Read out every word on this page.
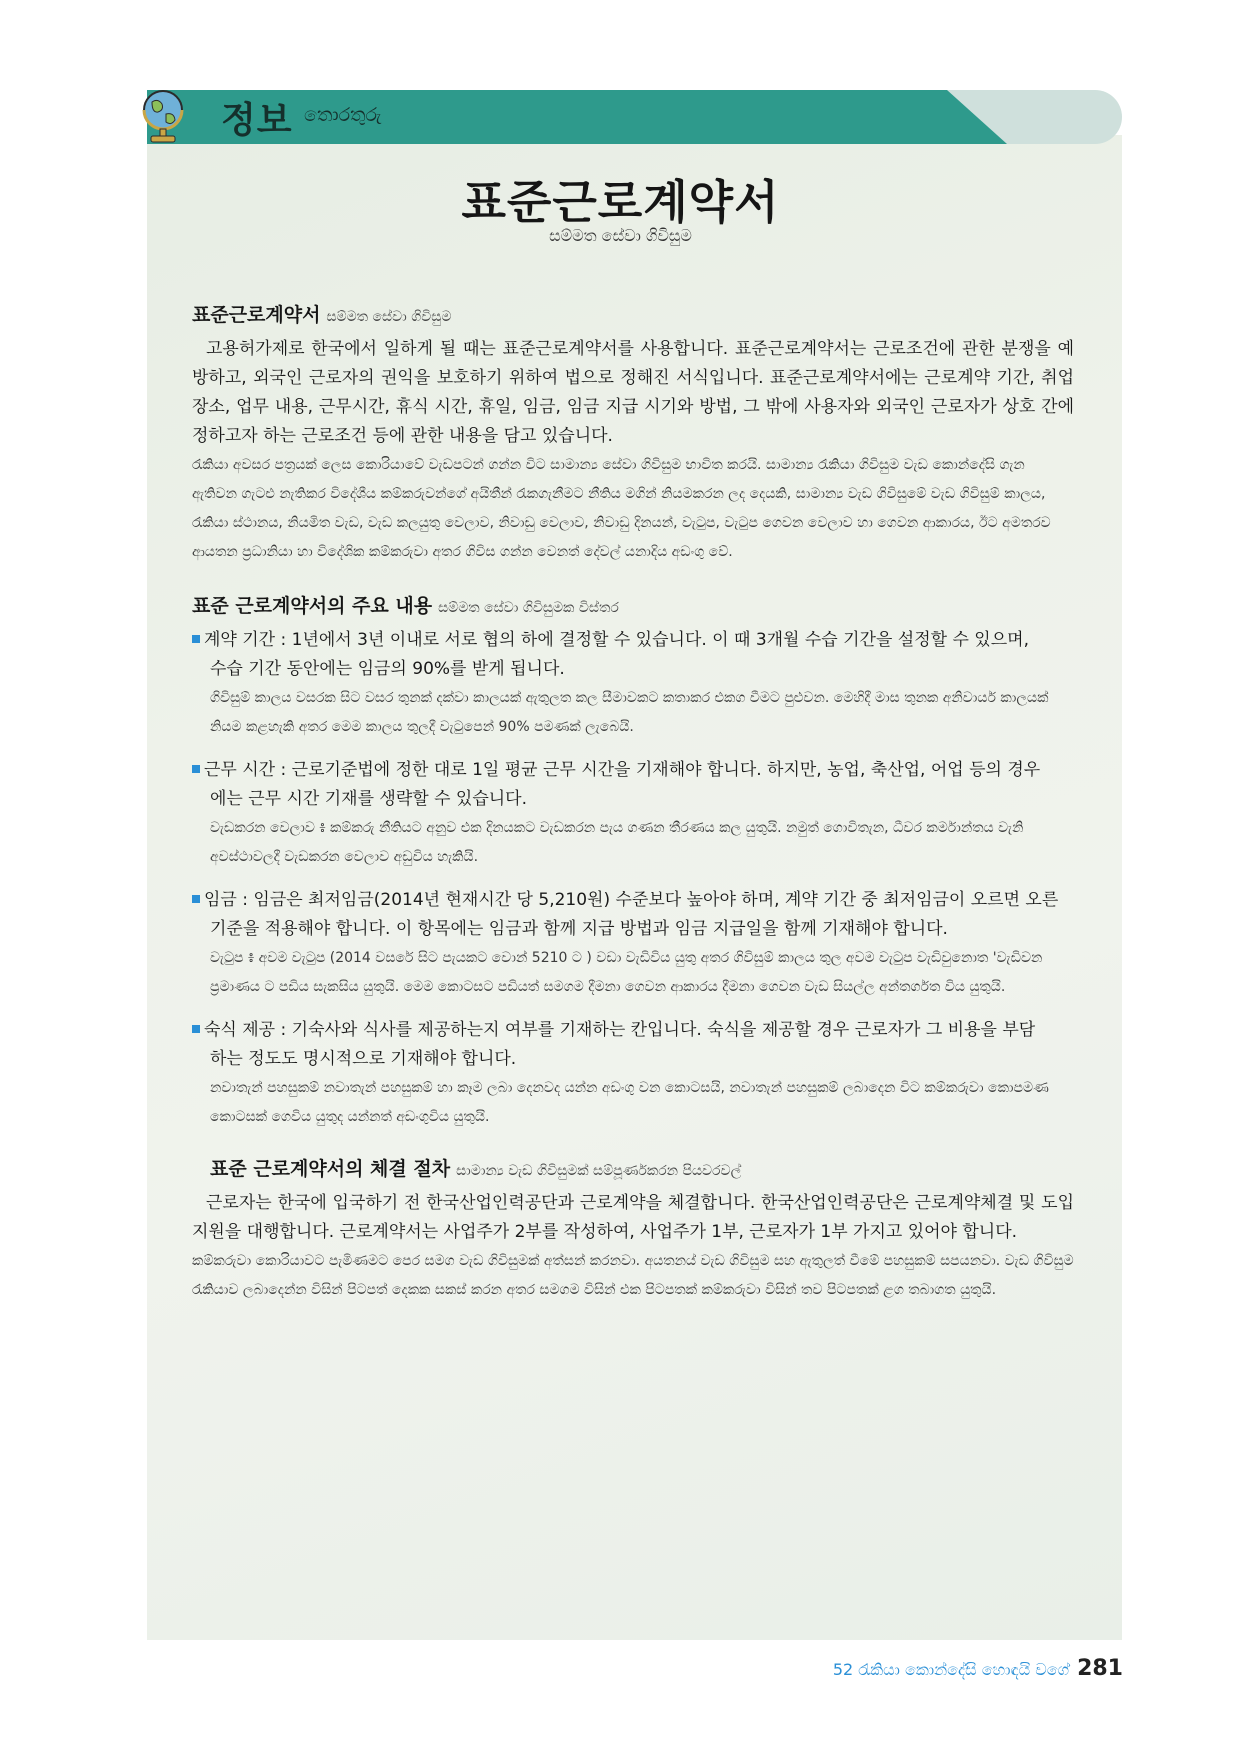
정보 තොරතුරු
표준근로계약서
සම්මත සේවා ගිවිසුම
표준근로계약서 සම්මත සේවා ගිවිසුම

고용허가제로 한국에서 일하게 될 때는 표준근로계약서를 사용합니다. 표준근로계약서는 근로조건에 관한 분쟁을 예방하고, 외국인 근로자의 권익을 보호하기 위하여 법으로 정해진 서식입니다. 표준근로계약서에는 근로계약 기간, 취업 장소, 업무 내용, 근무시간, 휴식 시간, 휴일, 임금, 임금 지급 시기와 방법, 그 밖에 사용자와 외국인 근로자가 상호 간에 정하고자 하는 근로조건 등에 관한 내용을 담고 있습니다.

රැකියා අවසර පත්‍රයක් ලෙස කොරියාවේ වැඩපටන් ගන්න විට සාමාන්‍ය සේවා ගිවිසුම භාවිත කරයි. සාමාන්‍ය රැකියා ගිවිසුම වැඩ කොන්දේසි ගැන ඇතිවන ගැටළු නැතිකර විදේශීය කම්කරුවන්ගේ අයිතීන් රැකගැනීමට නීතිය මගින් නියමකරන ලද දෙයකි, සාමාන්‍ය වැඩ ගිවිසුමේ වැඩ ගිවිසුම් කාලය, රැකියා ස්ථානය, නියමිත වැඩ, වැඩ කලයුතු වෙලාව, නිවාඩු වෙලාව, නිවාඩු දිනයන්, වැටුප, වැටුප ගෙවන වෙලාව හා ගෙවන ආකාරය, ඊට අමතරව ආයතන ප්‍රධානියා හා විදේශික කම්කරුවා අතර ගිවිස ගන්න වෙනත් දේවල් යනාදිය අඩංගු වේ.

표준 근로계약서의 주요 내용 සම්මත සේවා ගිවිසුමක විස්තර

계약 기간 : 1년에서 3년 이내로 서로 협의 하에 결정할 수 있습니다. 이 때 3개월 수습 기간을 설정할 수 있으며,

수습 기간 동안에는 임금의 90%를 받게 됩니다.

ගිවිසුම් කාලය වසරක සිට වසර තුනක් දක්වා කාලයක් ඇතුලත කල සීමාවකට කතාකර එකග වීමට පුළුවන. මෙහිදී මාස තුනක අනිවාර්ය කාලයක් නියම කළහැකි අතර මෙම කාලය තුලදී වැටුපෙන් 90% පමණක් ලැබෙයි.

근무 시간 : 근로기준법에 정한 대로 1일 평균 근무 시간을 기재해야 합니다. 하지만, 농업, 축산업, 어업 등의 경우

에는 근무 시간 기재를 생략할 수 있습니다.

වැඩකරන වෙලාව ៖ කම්කරු නීතියට අනුව එක දිනයකට වැඩකරන පැය ගණන තීරණය කල යුතුයි. නමුත් ගොවිතැන, ධීවර කර්මාන්තය වැනි අවස්ථාවලදී වැඩකරන වෙලාව අඩුවිය හැකියි.

임금 : 임금은 최저임금(2014년 현재시간 당 5,210원) 수준보다 높아야 하며, 계약 기간 중 최저임금이 오르면 오른

기준을 적용해야 합니다. 이 항목에는 임금과 함께 지급 방법과 임금 지급일을 함께 기재해야 합니다.

වැටුප ៖ අවම වැටුප (2014 වසරේ සිට පැයකට වොන් 5210 ට ) වඩා වැඩිවිය යුතු අතර ගිවිසුම් කාලය තුල අවම වැටුප වැඩිවුනොත 'වැඩිවන ප්‍රමාණය ට පඩිය සැකසිය යුතුයි. මෙම කොටසට පඩියත් සමගම දීමනා ගෙවන ආකාරය දීමනා ගෙවන වැඩ සියල්ල අන්තර්ගත විය යුතුයි.

숙식 제공 : 기숙사와 식사를 제공하는지 여부를 기재하는 칸입니다. 숙식을 제공할 경우 근로자가 그 비용을 부담

하는 정도도 명시적으로 기재해야 합니다.

නවාතැන් පහසුකම් නවාතැන් පහසුකම් හා කෑම ලබා දෙනවද යන්න අඩංගු වන කොටසයි, නවාතැන් පහසුකම් ලබාදෙන විට කම්කරුවා කොපමණ කොටසක් ගෙවිය යුතුද යන්නත් අඩංගුවිය යුතුයි.

표준 근로계약서의 체결 절차 සාමාන්‍ය වැඩ ගිවිසුමක් සම්පූර්ණකරන පියවරවල්

근로자는 한국에 입국하기 전 한국산업인력공단과 근로계약을 체결합니다. 한국산업인력공단은 근로계약체결 및 도입지원을 대행합니다. 근로계약서는 사업주가 2부를 작성하여, 사업주가 1부, 근로자가 1부 가지고 있어야 합니다.

කම්කරුවා කොරියාවට පැමිණමට පෙර සමග වැඩ ගිවිසුමක් අත්සන් කරනවා. අයතනය් වැඩ ගිවිසුම සහ ඇතුලත් වීමේ පහසුකම් සපයනවා. වැඩ ගිවිසුම රැකියාව ලබාදෙන්න විසින් පිටපත් දෙකක සකස් කරන අතර සමගම විසින් එක පිටපතක් කම්කරුවා විසින් තව පිටපතක් ළග තබාගත යුතුයි.

52 රැකියා කොන්දේසි හොඳයි වගේ 281
